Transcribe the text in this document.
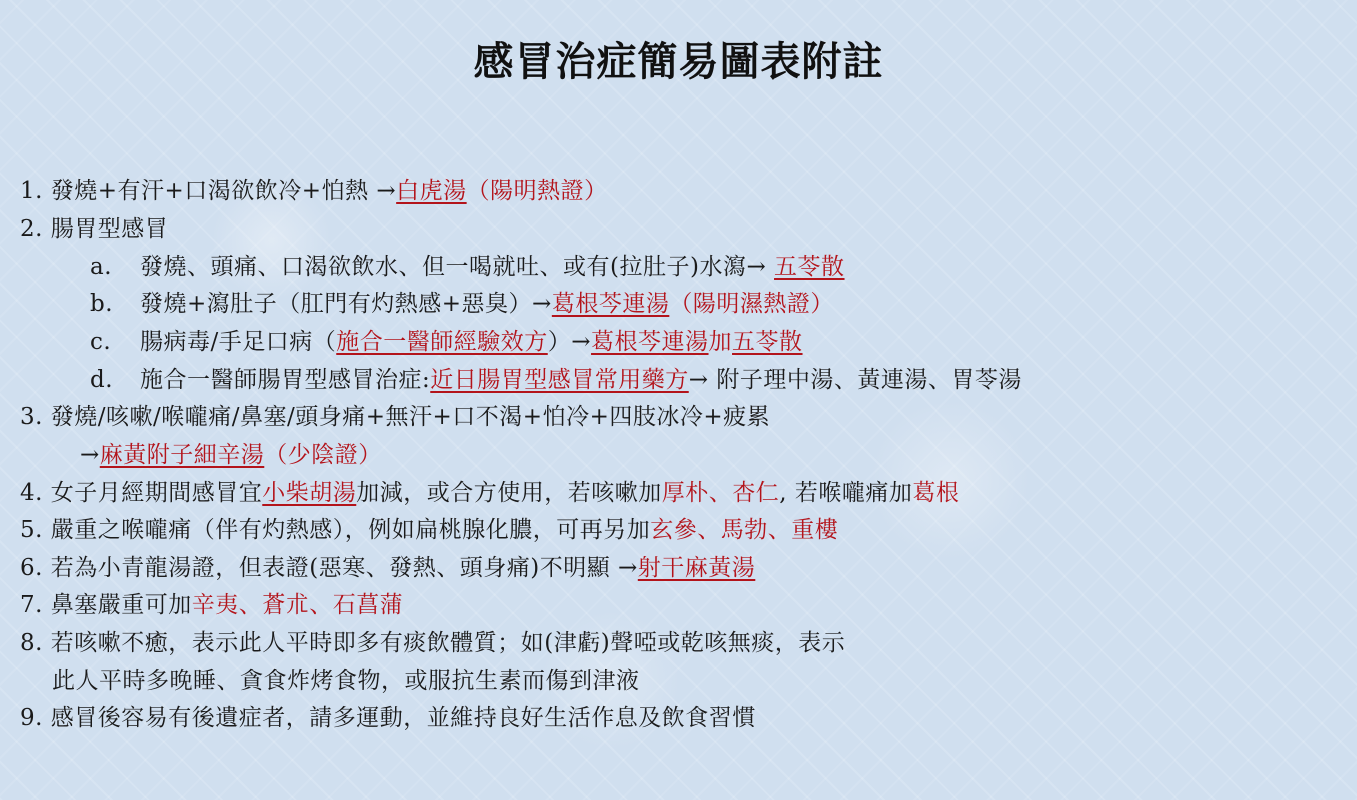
感冒治症簡易圖表附註
1. 發燒+有汗+口渴欲飲冷+怕熱 →白虎湯（陽明熱證）
2. 腸胃型感冒
a. 發燒、頭痛、口渴欲飲水、但一喝就吐、或有(拉肚子)水瀉→ 五苓散
b. 發燒+瀉肚子（肛門有灼熱感+惡臭）→葛根芩連湯（陽明濕熱證）
c. 腸病毒/手足口病（施合一醫師經驗效方）→葛根芩連湯加五苓散
d. 施合一醫師腸胃型感冒治症:近日腸胃型感冒常用藥方→ 附子理中湯、黃連湯、胃苓湯
3. 發燒/咳嗽/喉嚨痛/鼻塞/頭身痛+無汗+口不渴+怕冷+四肢冰冷+疲累
→麻黃附子細辛湯（少陰證）
4. 女子月經期間感冒宜小柴胡湯加減，或合方使用，若咳嗽加厚朴、杏仁, 若喉嚨痛加葛根
5. 嚴重之喉嚨痛（伴有灼熱感），例如扁桃腺化膿，可再另加玄參、馬勃、重樓
6. 若為小青龍湯證，但表證(惡寒、發熱、頭身痛)不明顯 →射干麻黃湯
7. 鼻塞嚴重可加辛夷、蒼朮、石菖蒲
8. 若咳嗽不癒，表示此人平時即多有痰飲體質；如(津虧)聲啞或乾咳無痰，表示
此人平時多晚睡、貪食炸烤食物，或服抗生素而傷到津液
9. 感冒後容易有後遺症者，請多運動，並維持良好生活作息及飲食習慣
